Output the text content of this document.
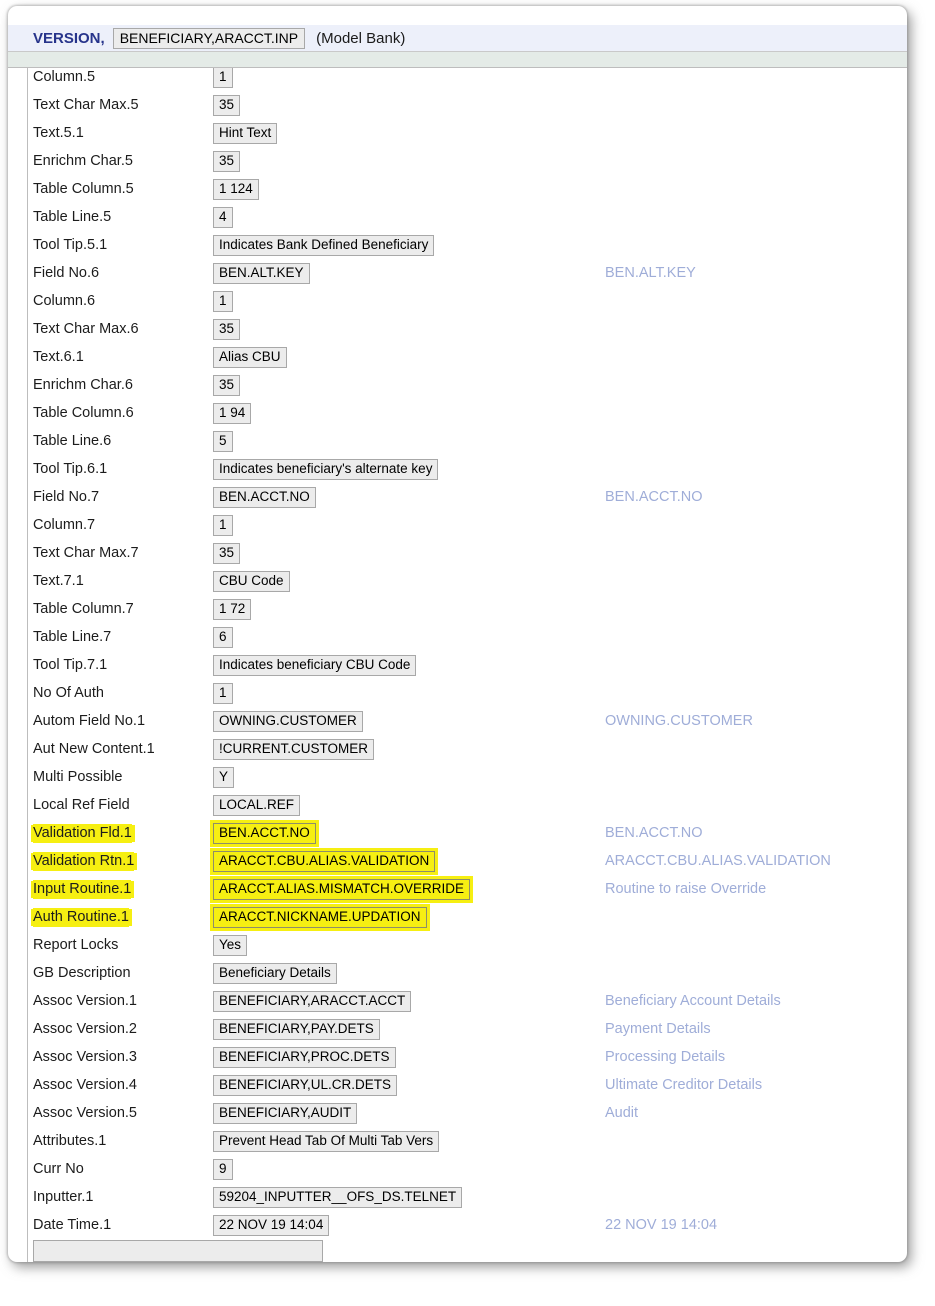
VERSION,	BENEFICIARY,ARACCT.INP	(Model Bank)
Column.5	1
Text Char Max.5	35
Text.5.1	Hint Text
Enrichm Char.5	35
Table Column.5	1 124
Table Line.5	4
Tool Tip.5.1	Indicates Bank Defined Beneficiary
Field No.6	BEN.ALT.KEY	BEN.ALT.KEY
Column.6	1
Text Char Max.6	35
Text.6.1	Alias CBU
Enrichm Char.6	35
Table Column.6	1 94
Table Line.6	5
Tool Tip.6.1	Indicates beneficiary's alternate key
Field No.7	BEN.ACCT.NO	BEN.ACCT.NO
Column.7	1
Text Char Max.7	35
Text.7.1	CBU Code
Table Column.7	1 72
Table Line.7	6
Tool Tip.7.1	Indicates beneficiary CBU Code
No Of Auth	1
Autom Field No.1	OWNING.CUSTOMER	OWNING.CUSTOMER
Aut New Content.1	!CURRENT.CUSTOMER
Multi Possible	Y
Local Ref Field	LOCAL.REF
Validation Fld.1	BEN.ACCT.NO	BEN.ACCT.NO
Validation Rtn.1	ARACCT.CBU.ALIAS.VALIDATION	ARACCT.CBU.ALIAS.VALIDATION
Input Routine.1	ARACCT.ALIAS.MISMATCH.OVERRIDE	Routine to raise Override
Auth Routine.1	ARACCT.NICKNAME.UPDATION
Report Locks	Yes
GB Description	Beneficiary Details
Assoc Version.1	BENEFICIARY,ARACCT.ACCT	Beneficiary Account Details
Assoc Version.2	BENEFICIARY,PAY.DETS	Payment Details
Assoc Version.3	BENEFICIARY,PROC.DETS	Processing Details
Assoc Version.4	BENEFICIARY,UL.CR.DETS	Ultimate Creditor Details
Assoc Version.5	BENEFICIARY,AUDIT	Audit
Attributes.1	Prevent Head Tab Of Multi Tab Vers
Curr No	9
Inputter.1	59204_INPUTTER__OFS_DS.TELNET
Date Time.1	22 NOV 19 14:04	22 NOV 19 14:04
